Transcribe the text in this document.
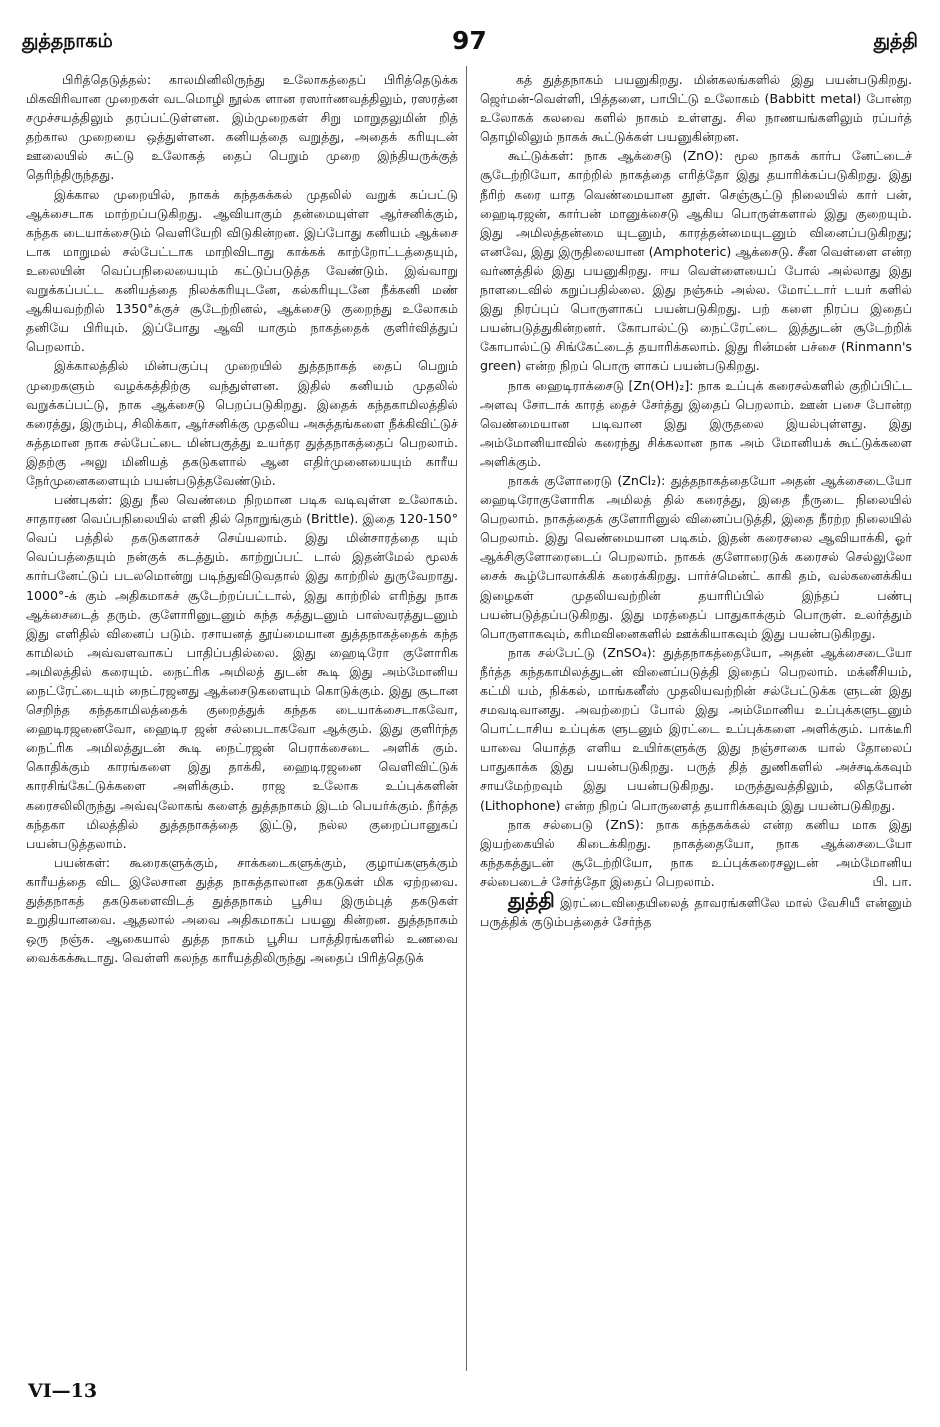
துத்தநாகம்	97	துத்தி

பிரித்தெடுத்தல்: காலமினிலிருந்து உலோகத்தைப் பிரித்தெடுக்க மிகவிரிவான முறைகள் வடமொழி நூல்க ளான ரஸார்ணவத்திலும், ரஸரத்ன சமுச்சயத்திலும் தரப்பட்டுள்ளன. இம்முறைகள் சிறு மாறுதலுமின் றித் தற்கால முறையை ஒத்துள்ளன. கனியத்தை வறுத்து, அதைக் கரியுடன் ஊலையில் சுட்டு உலோகத் தைப் பெறும் முறை இந்தியருக்குத் தெரிந்திருந்தது.

இக்கால முறையில், நாகக் கந்தகக்கல் முதலில் வறுக் கப்பட்டு ஆக்சைடாக மாற்றப்படுகிறது. ஆவியாகும் தன்மையுள்ள ஆர்சனிக்கும், கந்தக டையாக்சைடும் வெளியேறி விடுகின்றன. இப்போது கனியம் ஆக்சை டாக மாறுமல் சல்பேட்டாக மாறிவிடாது காக்கக் காற்றோட்டத்தையும், உலையின் வெப்பநிலையையும் கட்டுப்படுத்த வேண்டும். இவ்வாறு வறுக்கப்பட்ட கனியத்தை நிலக்கரியுடனே, கல்கரியுடனே நீக்கனி மண் ஆகியவற்றில் 1350°க்குச் சூடேற்றினல், ஆக்சைடு குறைந்து உலோகம் தனியே பிரியும். இப்போது ஆவி யாகும் நாகத்தைக் குளிர்வித்துப் பெறலாம்.

இக்காலத்தில் மின்பகுப்பு முறையில் துத்தநாகத் தைப் பெறும் முறைகளும் வழக்கத்திற்கு வந்துள்ளன. இதில் கனியம் முதலில் வறுக்கப்பட்டு, நாக ஆக்சைடு பெறப்படுகிறது. இதைக் கந்தகாமிலத்தில் கரைத்து, இரும்பு, சிலிக்கா, ஆர்சனிக்கு முதலிய அசுத்தங்களை நீக்கிவிட்டுச் சுத்தமான நாக சல்பேட்டை மின்பகுத்து உயர்தர துத்தநாகத்தைப் பெறலாம். இதற்கு அலு மினியத் தகடுகளால் ஆன எதிர்முனையையும் காரீய நேர்முனைகளையும் பயன்படுத்தவேண்டும்.

பண்புகள்: இது நீல வெண்மை நிறமான படிக வடிவுள்ள உலோகம். சாதாரண வெப்பநிலையில் எளி தில் நொறுங்கும் (Brittle). இதை 120-150° வெப் பத்தில் தகடுகளாகச் செய்யலாம். இது மின்சாரத்தை யும் வெப்பத்தையும் நன்குக் கடத்தும். காற்றுப்பட் டால் இதன்மேல் மூலக் கார்பனேட்டுப் படலமொன்று படிந்துவிடுவதால் இது காற்றில் துருவேறாது. 1000°-க் கும் அதிகமாகச் சூடேற்றப்பட்டால், இது காற்றில் எரிந்து நாக ஆக்சைடைத் தரும். குளோரினுடனும் கந்த கத்துடனும் பாஸ்வரத்துடனும் இது எளிதில் வினைப் படும். ரசாயனத் தூய்மையான துத்தநாகத்தைக் கந்த காமிலம் அவ்வளவாகப் பாதிப்பதில்லை. இது ஹைடிரோ குளோரிக அமிலத்தில் கரையும். நைட்ரிக அமிலத் துடன் கூடி இது அம்மோனிய நைட்ரேட்டையும் நைட்ரஜனது ஆக்சைடுகளையும் கொடுக்கும். இது சூடான செறிந்த கந்தகாமிலத்தைக் குறைத்துக் கந்தக டையாக்சைடாகவோ, ஹைடிரஜனைவோ, ஹைடிர ஜன் சல்பைடாகவோ ஆக்கும். இது குளிர்ந்த நைட்ரிக அமிலத்துடன் கூடி நைட்ரஜன் பெராக்சைடை அளிக் கும். கொதிக்கும் காரங்களை இது தாக்கி, ஹைடிரஜனை வெளிவிட்டுக் காரசிங்கேட்டுக்களை அளிக்கும். ராஜ உலோக உப்புக்களின் கரைசலிலிருந்து அவ்வுலோகங் களைத் துத்தநாகம் இடம் பெயர்க்கும். நீர்த்த கந்தகா மிலத்தில் துத்தநாகத்தை இட்டு, நல்ல குறைப்பானுகப் பயன்படுத்தலாம்.

பயன்கள்: கூரைகளுக்கும், சாக்கடைகளுக்கும், குழாய்களுக்கும் காரீயத்தை விட இலேசான துத்த நாகத்தாலான தகடுகள் மிக ஏற்றவை. துத்தநாகத் தகடுகளைவிடத் துத்தநாகம் பூசிய இரும்புத் தகடுகள் உறுதியானவை. ஆதலால் அவை அதிகமாகப் பயனு கின்றன. துத்தநாகம் ஒரு நஞ்சு. ஆகையால் துத்த நாகம் பூசிய பாத்திரங்களில் உணவை வைக்கக்கூடாது. வெள்ளி கலந்த காரீயத்திலிருந்து அதைப் பிரித்தெடுக்

கத் துத்தநாகம் பயனுகிறது. மின்கலங்களில் இது பயன்படுகிறது. ஜெர்மன்-வெள்ளி, பித்தளை, பாபிட்டு உலோகம் (Babbitt metal) போன்ற உலோகக் கலவை களில் நாகம் உள்ளது. சில நாணயங்களிலும் ரப்பர்த் தொழிலிலும் நாகக் கூட்டுக்கள் பயனுகின்றன.

கூட்டுக்கள்: நாக ஆக்சைடு (ZnO): மூல நாகக் கார்ப னேட்டைச் சூடேற்றியோ, காற்றில் நாகத்தை எரித்தோ இது தயாரிக்கப்படுகிறது. இது நீரிற் கரை யாத வெண்மையான தூள். செஞ்சூட்டு நிலையில் கார் பன், ஹைடிரஜன், கார்பன் மானுக்சைடு ஆகிய பொருள்களால் இது குறையும். இது அமிலத்தன்மை யுடனும், காரத்தன்மையுடனும் வினைப்படுகிறது; எனவே, இது இருதிலையான (Amphoteric) ஆக்சைடு. சீன வெள்ளை என்ற வர்ணத்தில் இது பயனுகிறது. ஈய வெள்ளையைப் போல் அல்லாது இது நாளடைவில் கறுப்பதில்லை. இது நஞ்சும் அல்ல. மோட்டார் டயர் களில் இது நிரப்புப் பொருளாகப் பயன்படுகிறது. பற் களை நிரப்ப இதைப் பயன்படுத்துகின்றனர். கோபால்ட்டு நைட்ரேட்டை இத்துடன் சூடேற்றிக் கோபால்ட்டு சிங்கேட்டைத் தயாரிக்கலாம். இது ரின்மன் பச்சை (Rinmann's green) என்ற நிறப் பொரு ளாகப் பயன்படுகிறது.

நாக ஹைடிராக்சைடு [Zn(OH)₂]: நாக உப்புக் கரைசல்களில் குறிப்பிட்ட அளவு சோடாக் காரத் தைச் சேர்த்து இதைப் பெறலாம். ஊன் பசை போன்ற வெண்மையான படிவான இது இருதலை இயல்புள்ளது. இது அம்மோனியாவில் கரைந்து சிக்கலான நாக அம் மோனியக் கூட்டுக்களை அளிக்கும்.

நாகக் குளோரைடு (ZnCl₂): துத்தநாகத்தையோ அதன் ஆக்சைடையோ ஹைடிரோகுளோரிக அமிலத் தில் கரைத்து, இதை நீருடை நிலையில் பெறலாம். நாகத்தைக் குளோரினுல் வினைப்படுத்தி, இதை நீரற்ற நிலையில் பெறலாம். இது வெண்மையான படிகம். இதன் கரைசலை ஆவியாக்கி, ஓர் ஆக்சிகுளோரைடைப் பெறலாம். நாகக் குளோரைடுக் கரைசல் செல்லுலோ சைக் கூழ்போலாக்கிக் கரைக்கிறது. பார்ச்மென்ட் காகி தம், வல்கனைக்கிய இழைகள் முதலியவற்றின் தயாரிப்பில் இந்தப் பண்பு பயன்படுத்தப்படுகிறது. இது மரத்தைப் பாதுகாக்கும் பொருள். உலர்த்தும் பொருளாகவும், கரிமவினைகளில் ஊக்கியாகவும் இது பயன்படுகிறது.

நாக சல்பேட்டு (ZnSO₄): துத்தநாகத்தையோ, அதன் ஆக்சைடையோ நீர்த்த கந்தகாமிலத்துடன் வினைப்படுத்தி இதைப் பெறலாம். மக்னீசியம், கட்மி யம், நிக்கல், மாங்கனீஸ் முதலியவற்றின் சல்பேட்டுக்க ளுடன் இது சமவடிவானது. அவற்றைப் போல் இது அம்மோனிய உப்புக்களுடனும் பொட்டாசிய உப்புக்க ளுடனும் இரட்டை உப்புக்களை அளிக்கும். பாக்டீரி யாவை யொத்த எளிய உயிர்களுக்கு இது நஞ்சாகை யால் தோலைப் பாதுகாக்க இது பயன்படுகிறது. பருத் தித் துணிகளில் அச்சடிக்கவும் சாயமேற்றவும் இது பயன்படுகிறது. மருத்துவத்திலும், லிதபோன் (Lithophone) என்ற நிறப் பொருளைத் தயாரிக்கவும் இது பயன்படுகிறது.

நாக சல்பைடு (ZnS): நாக கந்தகக்கல் என்ற கனிய மாக இது இயற்கையில் கிடைக்கிறது. நாகத்தையோ, நாக ஆக்சைடையோ கந்தகத்துடன் சூடேற்றியோ, நாக உப்புக்கரைசலுடன் அம்மோனிய சல்பைடைச் சேர்த்தோ இதைப் பெறலாம்.	பி. பா.

துத்தி இரட்டைவிதையிலைத் தாவரங்களிலே மால் வேசியீ என்னும் பருத்திக் குடும்பத்தைச் சேர்ந்த

VI—13
